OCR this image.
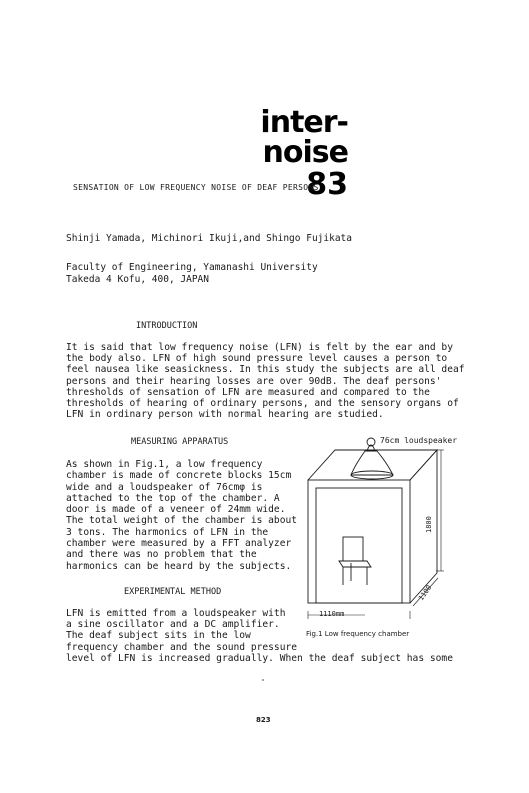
inter-noise
83
SENSATION OF LOW FREQUENCY NOISE OF DEAF PERSONS
Shinji Yamada, Michinori Ikuji,and Shingo Fujikata
Faculty of Engineering, Yamanashi University
Takeda 4 Kofu, 400, JAPAN
INTRODUCTION
It is said that low frequency noise (LFN) is felt by the ear and by
the body also. LFN of high sound pressure level causes a person to
feel nausea like seasickness. In this study the subjects are all deaf
persons and their hearing losses are over 90dB. The deaf persons'
thresholds of sensation of LFN are measured and compared to the
thresholds of hearing of ordinary persons, and the sensory organs of
LFN in ordinary person with normal hearing are studied.
MEASURING APPARATUS
As shown in Fig.1, a low frequency
chamber is made of concrete blocks 15cm
wide and a loudspeaker of 76cmφ is
attached to the top of the chamber. A
door is made of a veneer of 24mm wide.
The total weight of the chamber is about
3 tons. The harmonics of LFN in the
chamber were measured by a FFT analyzer
and there was no problem that the
harmonics can be heard by the subjects.
EXPERIMENTAL METHOD
LFN is emitted from a loudspeaker with
a sine oscillator and a DC amplifier.
The deaf subject sits in the low
frequency chamber and the sound pressure
level of LFN is increased gradually. When the deaf subject has some
76cm loudspeaker
1800
1100
1110mm
Fig.1 Low frequency chamber
823
